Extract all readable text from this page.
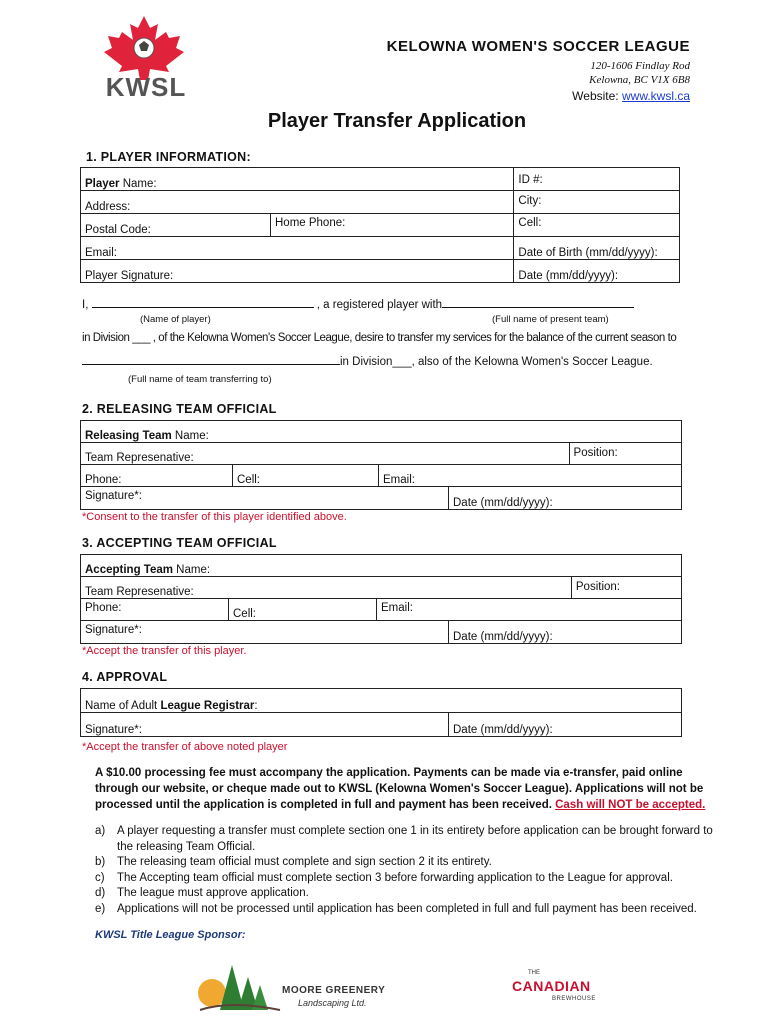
KWSL
KELOWNA WOMEN'S SOCCER LEAGUE
120-1606 Findlay Rod
Kelowna, BC V1X 6B8
Website: www.kwsl.ca
Player Transfer Application
1. PLAYER INFORMATION:
Player Name:		ID #:
Address:		City:
Postal Code:	Home Phone:	Cell:
Email:		Date of Birth (mm/dd/yyyy):
Player Signature:		Date (mm/dd/yyyy):
I,	, a registered player with
(Name of player)	(Full name of present team)
in Division ___ , of the Kelowna Women's Soccer League, desire to transfer my services for the balance of the current season to
in Division___, also of the Kelowna Women's Soccer League.
(Full name of team transferring to)
2. RELEASING TEAM OFFICIAL
Releasing Team Name:			
Team Represenative:			Position:
Phone:	Cell:	Email:	
Signature*:	Date (mm/dd/yyyy):
*Consent to the transfer of this player identified above.
3. ACCEPTING TEAM OFFICIAL
Accepting Team Name:			
Team Represenative:			Position:
Phone:	Cell:	Email:	
Signature*:	Date (mm/dd/yyyy):
*Accept the transfer of this player.
4. APPROVAL
Name of Adult League Registrar:
Signature*:	Date (mm/dd/yyyy):
*Accept the transfer of above noted player
A $10.00 processing fee must accompany the application. Payments can be made via e-transfer, paid online through our website, or cheque made out to KWSL (Kelowna Women's Soccer League). Applications will not be processed until the application is completed in full and payment has been received. Cash will NOT be accepted.
a)	A player requesting a transfer must complete section one 1 in its entirety before application can be brought forward to the releasing Team Official.
b)	The releasing team official must complete and sign section 2 it its entirety.
c)	The Accepting team official must complete section 3 before forwarding application to the League for approval.
d)	The league must approve application.
e)	Applications will not be processed until application has been completed in full and full payment has been received.
KWSL Title League Sponsor:
MOORE GREENERY
Landscaping Ltd.
THE
CANADIAN
BREWHOUSE
